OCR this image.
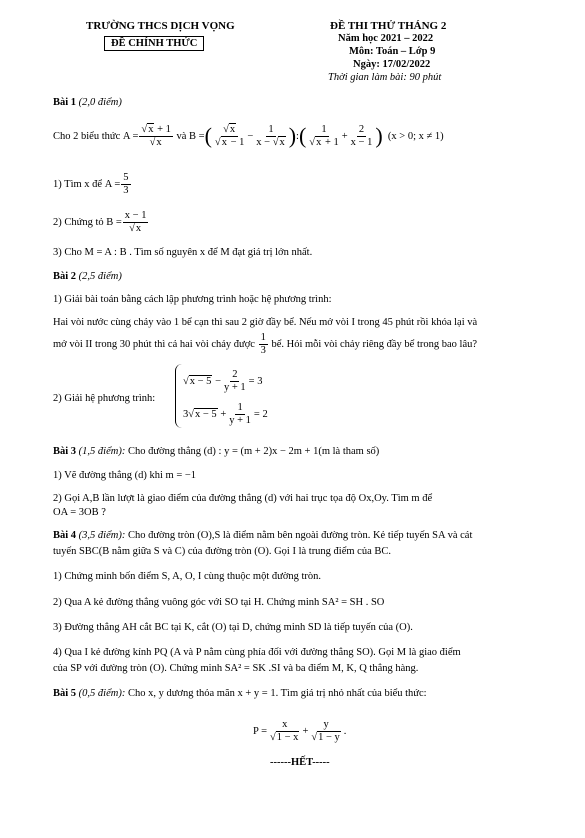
TRƯỜNG THCS DỊCH VỌNG
ĐỀ CHÍNH THỨC
ĐỀ THI THỬ THÁNG 2
Năm học 2021 – 2022
Môn: Toán – Lớp 9
Ngày: 17/02/2022
Thời gian làm bài: 90 phút
Bài 1 (2,0 điểm)
Cho 2 biểu thức
$A = \frac{√x + 1}{√x}$
và
B = ( $\frac{√x}{√x - 1} - \frac{1}{x - √x}$ ) : ( $\frac{1}{√x + 1} + \frac{2}{x - 1}$ )
(x > 0; x ≠ 1)
1) Tìm x để
$A = \frac{5}{3}$
2) Chứng tỏ
$B = \frac{x - 1}{√x}$
3) Cho M = A : B . Tìm số nguyên x để M đạt giá trị lớn nhất.
Bài 2 (2,5 điểm)
1) Giải bài toán bằng cách lập phương trình hoặc hệ phương trình:
Hai vòi nước cùng chảy vào 1 bể cạn thì sau 2 giờ đầy bể. Nếu mở vòi I trong 45 phút rồi khóa lại và
mở vòi II trong 30 phút thì cả hai vòi chảy được
$\frac{1}{3}$
bể. Hỏi mỗi vòi chảy riêng đầy bể trong bao lâu?
2) Giải hệ phương trình:
$√x - 5 - \frac{2}{y + 1} = 3$
$3√x - 5 + \frac{1}{y + 1} = 2$
Bài 3 (1,5 điểm): Cho đường thẳng (d) : y = (m + 2)x − 2m + 1(m là tham số)
1) Vẽ đường thẳng (d) khi m = −1
2) Gọi A,B lần lượt là giao điểm của đường thẳng (d) với hai trục tọa độ Ox,Oy. Tìm m để
OA = 3OB ?
Bài 4 (3,5 điểm): Cho đường tròn (O),S là điểm nằm bên ngoài đường tròn. Kẻ tiếp tuyến SA và cát
tuyến SBC(B nằm giữa S và C) của đường tròn (O). Gọi I là trung điểm của BC.
1) Chứng minh bốn điểm S, A, O, I cùng thuộc một đường tròn.
2) Qua A kẻ đường thẳng vuông góc với SO tại H. Chứng minh SA² = SH . SO
3) Đường thẳng AH cắt BC tại K, cắt (O) tại D, chứng minh SD là tiếp tuyến của (O).
4) Qua I kẻ đường kính PQ (A và P nằm cùng phía đối với đường thẳng SO). Gọi M là giao điểm
của SP với đường tròn (O). Chứng minh SA² = SK .SI và ba điểm M, K, Q thẳng hàng.
Bài 5 (0,5 điểm): Cho x, y dương thỏa mãn x + y = 1. Tìm giá trị nhỏ nhất của biểu thức:
$P = \frac{x}{√1 - x} + \frac{y}{√1 - y}$ .
------HẾT-----
